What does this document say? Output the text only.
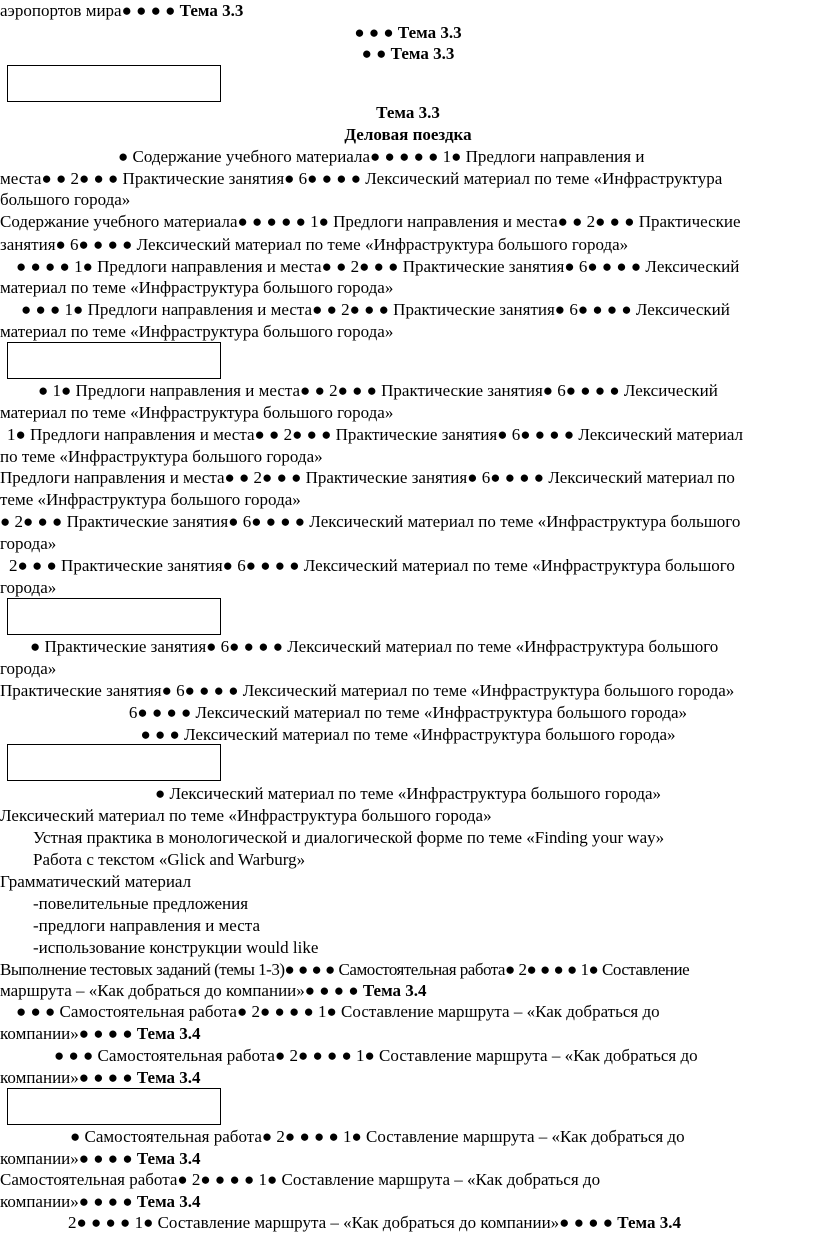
аэропортов мира● ● ● ● Тема 3.3
● ● ● Тема 3.3
● ● Тема 3.3
Тема 3.3
Деловая поездка
● Содержание учебного материала● ● ● ● ● 1● Предлоги направления и
места● ● 2● ● ● Практические занятия● 6● ● ● ● Лексический материал по теме «Инфраструктура
большого города»
Содержание учебного материала● ● ● ● ● 1● Предлоги направления и места● ● 2● ● ● Практические
занятия● 6● ● ● ● Лексический материал по теме «Инфраструктура большого города»
● ● ● ● 1● Предлоги направления и места● ● 2● ● ● Практические занятия● 6● ● ● ● Лексический
материал по теме «Инфраструктура большого города»
● ● ● 1● Предлоги направления и места● ● 2● ● ● Практические занятия● 6● ● ● ● Лексический
материал по теме «Инфраструктура большого города»
● 1● Предлоги направления и места● ● 2● ● ● Практические занятия● 6● ● ● ● Лексический
материал по теме «Инфраструктура большого города»
1● Предлоги направления и места● ● 2● ● ● Практические занятия● 6● ● ● ● Лексический материал
по теме «Инфраструктура большого города»
Предлоги направления и места● ● 2● ● ● Практические занятия● 6● ● ● ● Лексический материал по
теме «Инфраструктура большого города»
● 2● ● ● Практические занятия● 6● ● ● ● Лексический материал по теме «Инфраструктура большого
города»
2● ● ● Практические занятия● 6● ● ● ● Лексический материал по теме «Инфраструктура большого
города»
● Практические занятия● 6● ● ● ● Лексический материал по теме «Инфраструктура большого
города»
Практические занятия● 6● ● ● ● Лексический материал по теме «Инфраструктура большого города»
6● ● ● ● Лексический материал по теме «Инфраструктура большого города»
● ● ● Лексический материал по теме «Инфраструктура большого города»
● Лексический материал по теме «Инфраструктура большого города»
Лексический материал по теме «Инфраструктура большого города»
Устная практика в монологической и диалогической форме по теме «Finding your way»
Работа с текстом «Glick and Warburg»
Грамматический материал
-повелительные предложения
-предлоги направления и места
-использование конструкции would like
Выполнение тестовых заданий (темы 1-3)● ● ● ● Самостоятельная работа● 2● ● ● ● 1● Составление
маршрута – «Как добраться до компании»● ● ● ● Тема 3.4
● ● ● Самостоятельная работа● 2● ● ● ● 1● Составление маршрута – «Как добраться до
компании»● ● ● ● Тема 3.4
● ● ● Самостоятельная работа● 2● ● ● ● 1● Составление маршрута – «Как добраться до
компании»● ● ● ● Тема 3.4
● Самостоятельная работа● 2● ● ● ● 1● Составление маршрута – «Как добраться до
компании»● ● ● ● Тема 3.4
Самостоятельная работа● 2● ● ● ● 1● Составление маршрута – «Как добраться до
компании»● ● ● ● Тема 3.4
2● ● ● ● 1● Составление маршрута – «Как добраться до компании»● ● ● ● Тема 3.4
